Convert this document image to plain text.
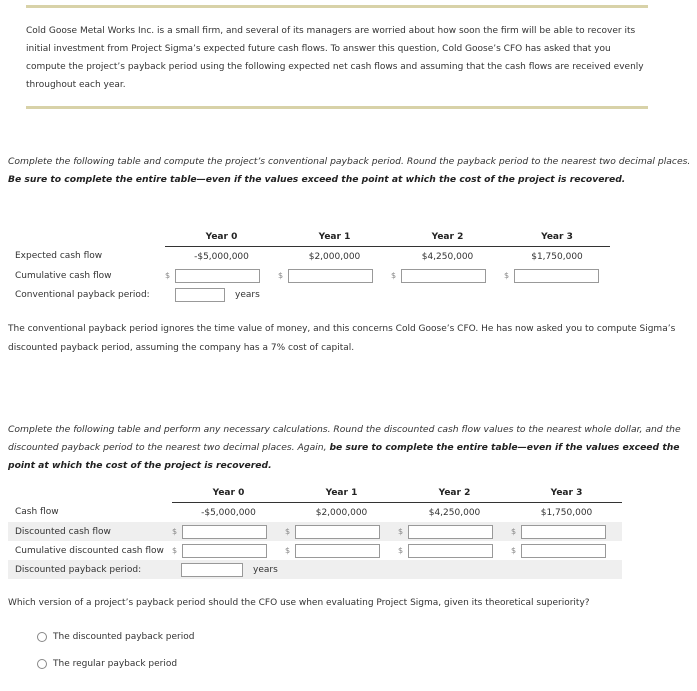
Cold Goose Metal Works Inc. is a small firm, and several of its managers are worried about how soon the firm will be able to recover its initial investment from Project Sigma’s expected future cash flows. To answer this question, Cold Goose’s CFO has asked that you compute the project’s payback period using the following expected net cash flows and assuming that the cash flows are received evenly throughout each year.
Complete the following table and compute the project’s conventional payback period. Round the payback period to the nearest two decimal places. Be sure to complete the entire table—even if the values exceed the point at which the cost of the project is recovered.
	Year 0	Year 1	Year 2	Year 3
Expected cash flow	-$5,000,000	$2,000,000	$4,250,000	$1,750,000
Cumulative cash flow	$	$	$	$

Conventional payback period:	years			
The conventional payback period ignores the time value of money, and this concerns Cold Goose’s CFO. He has now asked you to compute Sigma’s discounted payback period, assuming the company has a 7% cost of capital.
Complete the following table and perform any necessary calculations. Round the discounted cash flow values to the nearest whole dollar, and the discounted payback period to the nearest two decimal places. Again, be sure to complete the entire table—even if the values exceed the point at which the cost of the project is recovered.
	Year 0	Year 1	Year 2	Year 3
Cash flow	-$5,000,000	$2,000,000	$4,250,000	$1,750,000
Discounted cash flow	$	$	$	$

Cumulative discounted cash flow	$	$	$	$

Discounted payback period:	years			
Which version of a project’s payback period should the CFO use when evaluating Project Sigma, given its theoretical superiority?
The discounted payback period
The regular payback period
